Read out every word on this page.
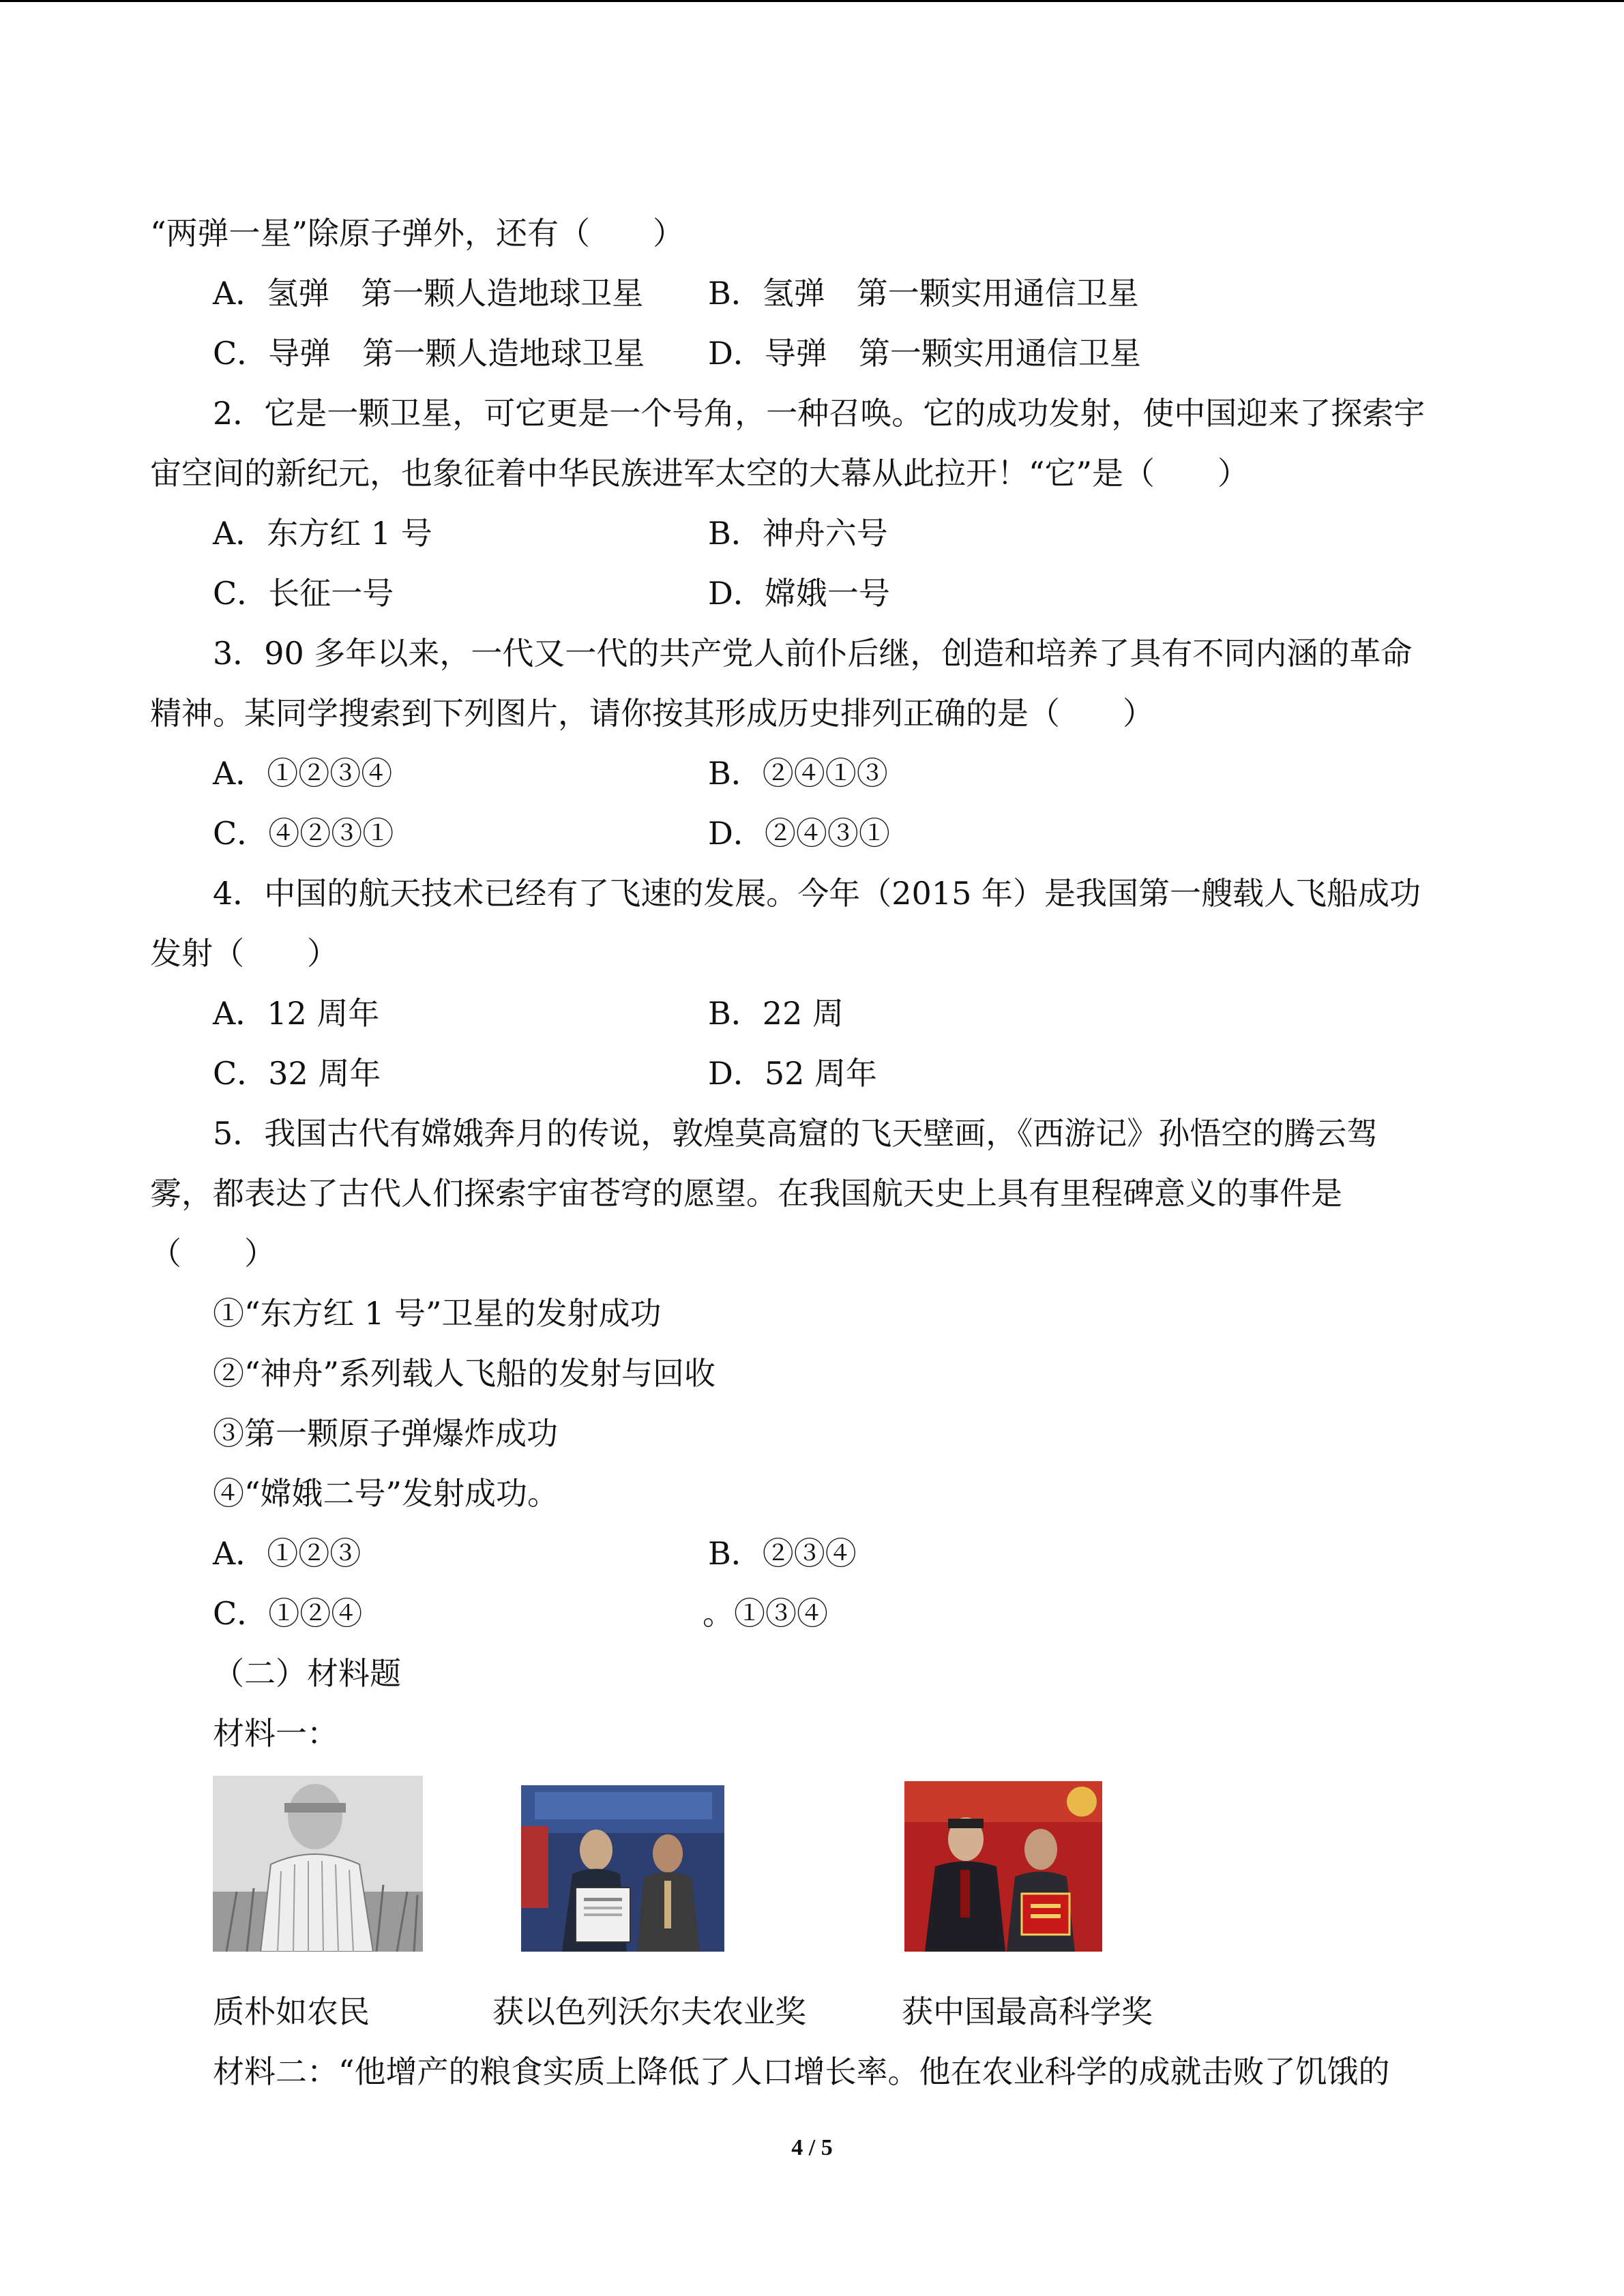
“两弹一星”除原子弹外，还有（　　）
A．氢弹　第一颗人造地球卫星 B．氢弹　第一颗实用通信卫星
C．导弹　第一颗人造地球卫星 D．导弹　第一颗实用通信卫星
2．它是一颗卫星，可它更是一个号角，一种召唤。它的成功发射，使中国迎来了探索宇
宙空间的新纪元，也象征着中华民族进军太空的大幕从此拉开！“它”是（　　）
A．东方红 1 号	B．神舟六号
C．长征一号	D．嫦娥一号
3．90 多年以来，一代又一代的共产党人前仆后继，创造和培养了具有不同内涵的革命
精神。某同学搜索到下列图片，请你按其形成历史排列正确的是（　　）
A．①②③④	B．②④①③
C．④②③①	D．②④③①
4．中国的航天技术已经有了飞速的发展。今年（2015 年）是我国第一艘载人飞船成功
发射（　　）
A．12 周年	B．22 周
C．32 周年	D．52 周年
5．我国古代有嫦娥奔月的传说，敦煌莫高窟的飞天壁画，《西游记》孙悟空的腾云驾
雾，都表达了古代人们探索宇宙苍穹的愿望。在我国航天史上具有里程碑意义的事件是
（　　）
①“东方红 1 号”卫星的发射成功
②“神舟”系列载人飞船的发射与回收
③第一颗原子弹爆炸成功
④“嫦娥二号”发射成功。
A．①②③	B．②③④
C．①②④	。①③④
（二）材料题
材料一：
质朴如农民	获以色列沃尔夫农业奖	获中国最高科学奖
材料二：“他增产的粮食实质上降低了人口增长率。他在农业科学的成就击败了饥饿的
4 / 5
